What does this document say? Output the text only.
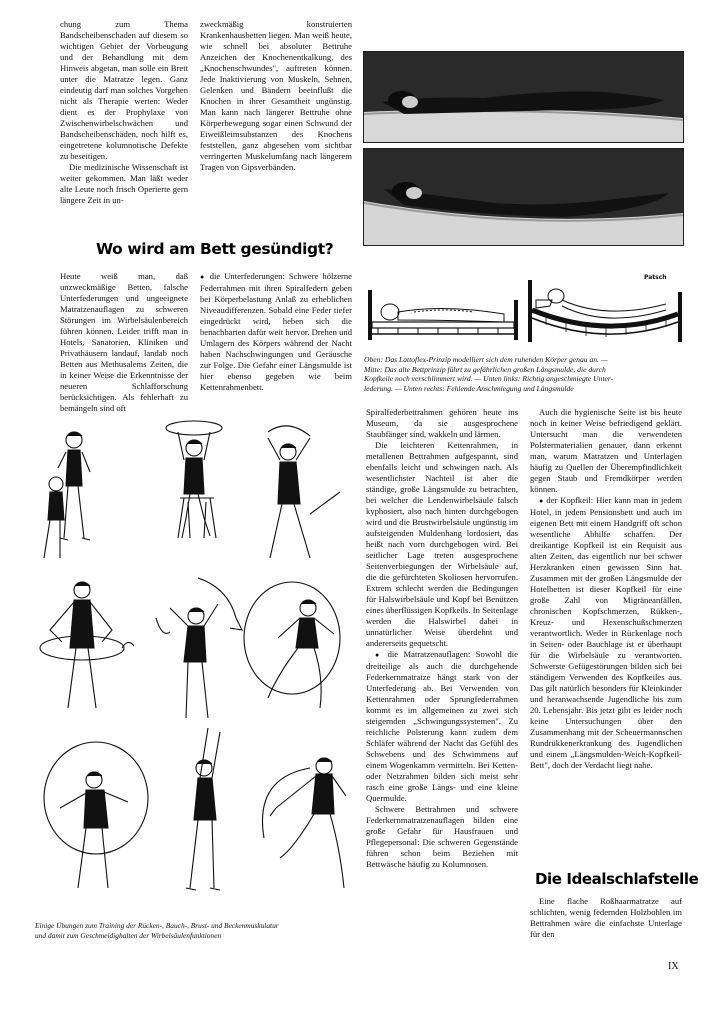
chung zum Thema Bandscheibenschaden auf diesem so wichtigen Gebiet der Vorbeugung und der Behandlung mit dem Hinweis abgetan, man solle ein Brett unter die Matratze legen. Ganz eindeutig darf man solches Vorgehen nicht als Therapie werten: Weder dient es der Prophylaxe von Zwischenwirbelschwächen und Bandscheibenschäden, noch hilft es, eingetretene kolumnotische Defekte zu beseitigen.

Die medizinische Wissenschaft ist weiter gekommen. Man läßt weder alte Leute noch frisch Operierte gern längere Zeit in un-

zweckmäßig konstruierten Krankenhausbetten liegen. Man weiß heute, wie schnell bei absoluter Bettruhe Anzeichen der Knochenentkalkung, des „Knochenschwundes", auftreten können. Jede Inaktivierung von Muskeln, Sehnen, Gelenken und Bändern beeinflußt die Knochen in ihrer Gesamtheit ungünstig. Man kann nach längerer Bettruhe ohne Körperbewegung sogar einen Schwund der Eiweißleimsubstanzen des Knochens feststellen, ganz abgesehen vom sichtbar verringerten Muskelumfang nach längerem Tragen von Gipsverbänden.

Wo wird am Bett gesündigt?

Heute weiß man, daß unzweckmäßige Betten, falsche Unterfederungen und ungeeignete Matratzenauflagen zu schweren Störungen im Wirbelsäulenbereich führen können. Leider trifft man in Hotels, Sanatorien, Kliniken und Privathäusern landauf, landab noch Betten aus Methusalems Zeiten, die in keiner Weise die Erkenntnisse der neueren Schlafforschung berücksichtigen. Als fehlerhaft zu bemängeln sind oft

● die Unterfederungen: Schwere hölzerne Federrahmen mit ihren Spiralfedern geben bei Körperbelastung Anlaß zu erheblichen Niveaudifferenzen. Sobald eine Feder tiefer eingedrückt wird, heben sich die benachbarten dafür weit hervor. Drehen und Umlagern des Körpers während der Nacht haben Nachschwingungen und Geräusche zur Folge. Die Gefahr einer Längsmulde ist hier ebenso gegeben wie beim Kettenrahmenbett.

Patsch
Oben: Das Lattoflex-Prinzip modelliert sich dem ruhenden Körper genau an. —
Mitte: Das alte Bettprinzip führt zu gefährlichen großen Längsmulde, die durch
Kopfkeile noch verschlimmert wird. — Unten links: Richtig angeschmiegte Unter-
lederung. — Unten rechts: Fehlende Anschmiegung und Längsmulde
Einige Übungen zum Training der Rücken-, Bauch-, Brust- und Beckenmuskulatur
und damit zum Geschmeidighalten der Wirbelsäulenfunktionen

Spiralfederbettrahmen gehören heute ins Museum, da sie ausgesprochene Staubfänger sind, wakkeln und lärmen.

Die leichteren Kettenrahmen, in metallenen Bettrahmen aufgespannt, sind ebenfalls leicht und schwingen nach. Als wesentlichster Nachteil ist aber die ständige, große Längsmulde zu betrachten, bei welcher die Lendenwirbelsäule falsch kyphosiert, also nach hinten durchgebogen wird und die Brustwirbelsäule ungünstig im aufsteigenden Muldenhang lordosiert, das heißt nach vorn durchgebogen wird. Bei seitlicher Lage treten ausgesprochene Seitenverbiegungen der Wirbelsäule auf, die die gefürchteten Skoliosen hervorrufen. Extrem schlecht werden die Bedingungen für Halswirbelsäule und Kopf bei Benützen eines überflüssigen Kopfkeils. In Seitenlage werden die Halswirbel dabei in unnatürlicher Weise überdehnt und andererseits gequetscht.

● die Matratzenauflagen: Sowohl die dreiteilige als auch die durchgehende Federkernmatratze hängt stark von der Unterfederung ab. Bei Verwenden von Kettenrahmen oder Sprungfederrahmen kommt es im allgemeinen zu zwei sich steigernden „Schwingungssystemen". Zu reichliche Polsterung kann zudem dem Schläfer während der Nacht das Gefühl des Schwebens und des Schwimmens auf einem Wogenkamm vermitteln. Bei Ketten- oder Netzrahmen bilden sich meist sehr rasch eine große Längs- und eine kleine Quermulde.

Schwere Bettrahmen und schwere Federkernmatratzenauflagen bilden eine große Gefahr für Hausfrauen und Pflegepersonal: Die schweren Gegenstände führen schon beim Beziehen mit Bettwäsche häufig zu Kolumnosen.

Auch die hygienische Seite ist bis heute noch in keiner Weise befriedigend geklärt. Untersucht man die verwendeten Polstermaterialien genauer, dann erkennt man, warum Matratzen und Unterlagen häufig zu Quellen der Überempfindlichkeit gegen Staub und Fremdkörper werden können.

● der Kopfkeil: Hier kann man in jedem Hotel, in jedem Pensionsbett und auch im eigenen Bett mit einem Handgriff oft schon wesentliche Abhilfe schaffen. Der dreikantige Kopfkeil ist ein Requisit aus alten Zeiten, das eigentlich nur bei schwer Herzkranken einen gewissen Sinn hat. Zusammen mit der großen Längsmulde der Hotelbetten ist dieser Kopfkeil für eine große Zahl von Migräneanfällen, chronischen Kopfschmerzen, Rükken-, Kreuz- und Hexenschußschmerzen verantwortlich. Weder in Rückenlage noch in Seiten- oder Bauchlage ist er überhaupt für die Wirbelsäule zu verantworten. Schwerste Gefügestörungen bilden sich bei ständigem Verwenden des Kopfkeiles aus. Das gilt natürlich besonders für Kleinkinder und heranwachsende Jugendliche bis zum 20. Lebensjahr. Bis jetzt gibt es leider noch keine Untersuchungen über den Zusammenhang mit der Scheuermannschen Rundrükkenerkrankung des Jugendlichen und einem „Längsmulden-Weich-Kopfkeil-Bett", doch der Verdacht liegt nahe.

Die Idealschlafstelle

Eine flache Roßhaarmatratze auf schlichten, wenig federnden Holzbohlen im Bettrahmen wäre die einfachste Unterlage für den

IX
